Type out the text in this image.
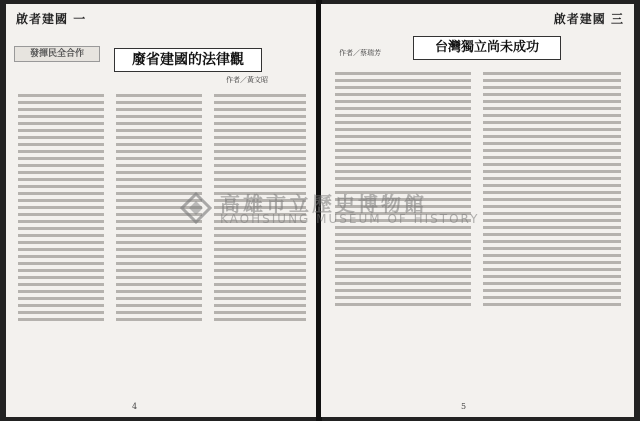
啟者建國 一
發揮民全合作	廢省建國的法律觀
作者／黃文昭
4
啟者建國 三
作者／蔡瑞芳	台灣獨立尚未成功
5
高雄市立歷史博物館
KAOHSIUNG MUSEUM OF HISTORY
